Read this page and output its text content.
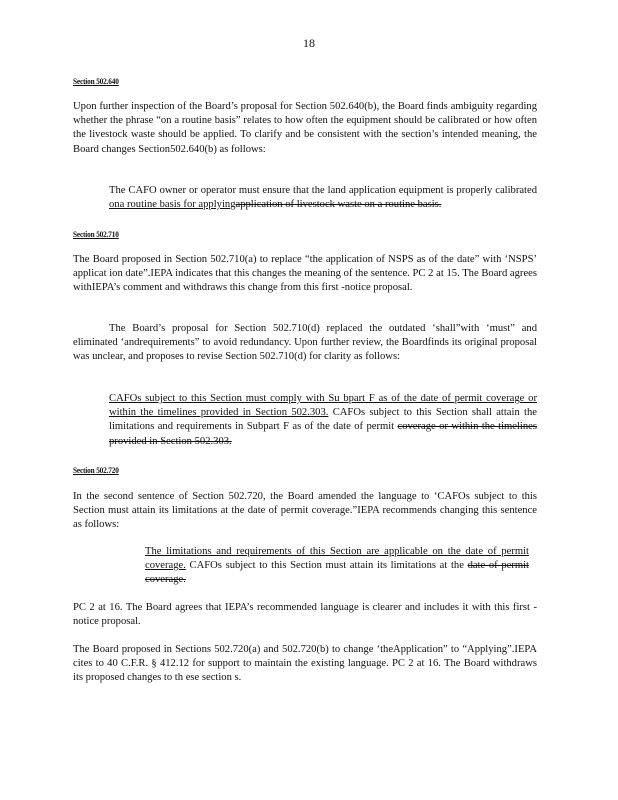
18
Section 502.640
Upon further inspection of the Board’s proposal for Section 502.640(b), the Board finds ambiguity regarding whether the phrase “on a routine basis” relates to how often the equipment should be calibrated or how often the livestock waste should be applied. To clarify and be consistent with the section’s intended meaning, the Board changes Section502.640(b) as follows:
The CAFO owner or operator must ensure that the land application equipment is properly calibrated ona routine basis for applyingapplication of livestock waste on a routine basis.
Section 502.710
The Board proposed in Section 502.710(a) to replace “the application of NSPS as of the date” with ‘NSPS’ applicat ion date”.IEPA indicates that this changes the meaning of the sentence. PC 2 at 15. The Board agrees withIEPA’s comment and withdraws this change from this first -notice proposal.
The Board’s proposal for Section 502.710(d) replaced the outdated ‘shall”with ‘must” and eliminated ‘andrequirements” to avoid redundancy. Upon further review, the Boardfinds its original proposal was unclear, and proposes to revise Section 502.710(d) for clarity as follows:
CAFOs subject to this Section must comply with Su bpart F as of the date of permit coverage or within the timelines provided in Section 502.303. CAFOs subject to this Section shall attain the limitations and requirements in Subpart F as of the date of permit coverage or within the timelines provided in Section 502.303.
Section 502.720
In the second sentence of Section 502.720, the Board amended the language to ‘CAFOs subject to this Section must attain its limitations at the date of permit coverage.”IEPA recommends changing this sentence as follows:
The limitations and requirements of this Section are applicable on the date of permit coverage. CAFOs subject to this Section must attain its limitations at the date of permit coverage.
PC 2 at 16. The Board agrees that IEPA’s recommended language is clearer and includes it with this first -notice proposal.
The Board proposed in Sections 502.720(a) and 502.720(b) to change ‘theApplication” to “Applying”.IEPA cites to 40 C.F.R. § 412.12 for support to maintain the existing language. PC 2 at 16. The Board withdraws its proposed changes to th ese section s.
